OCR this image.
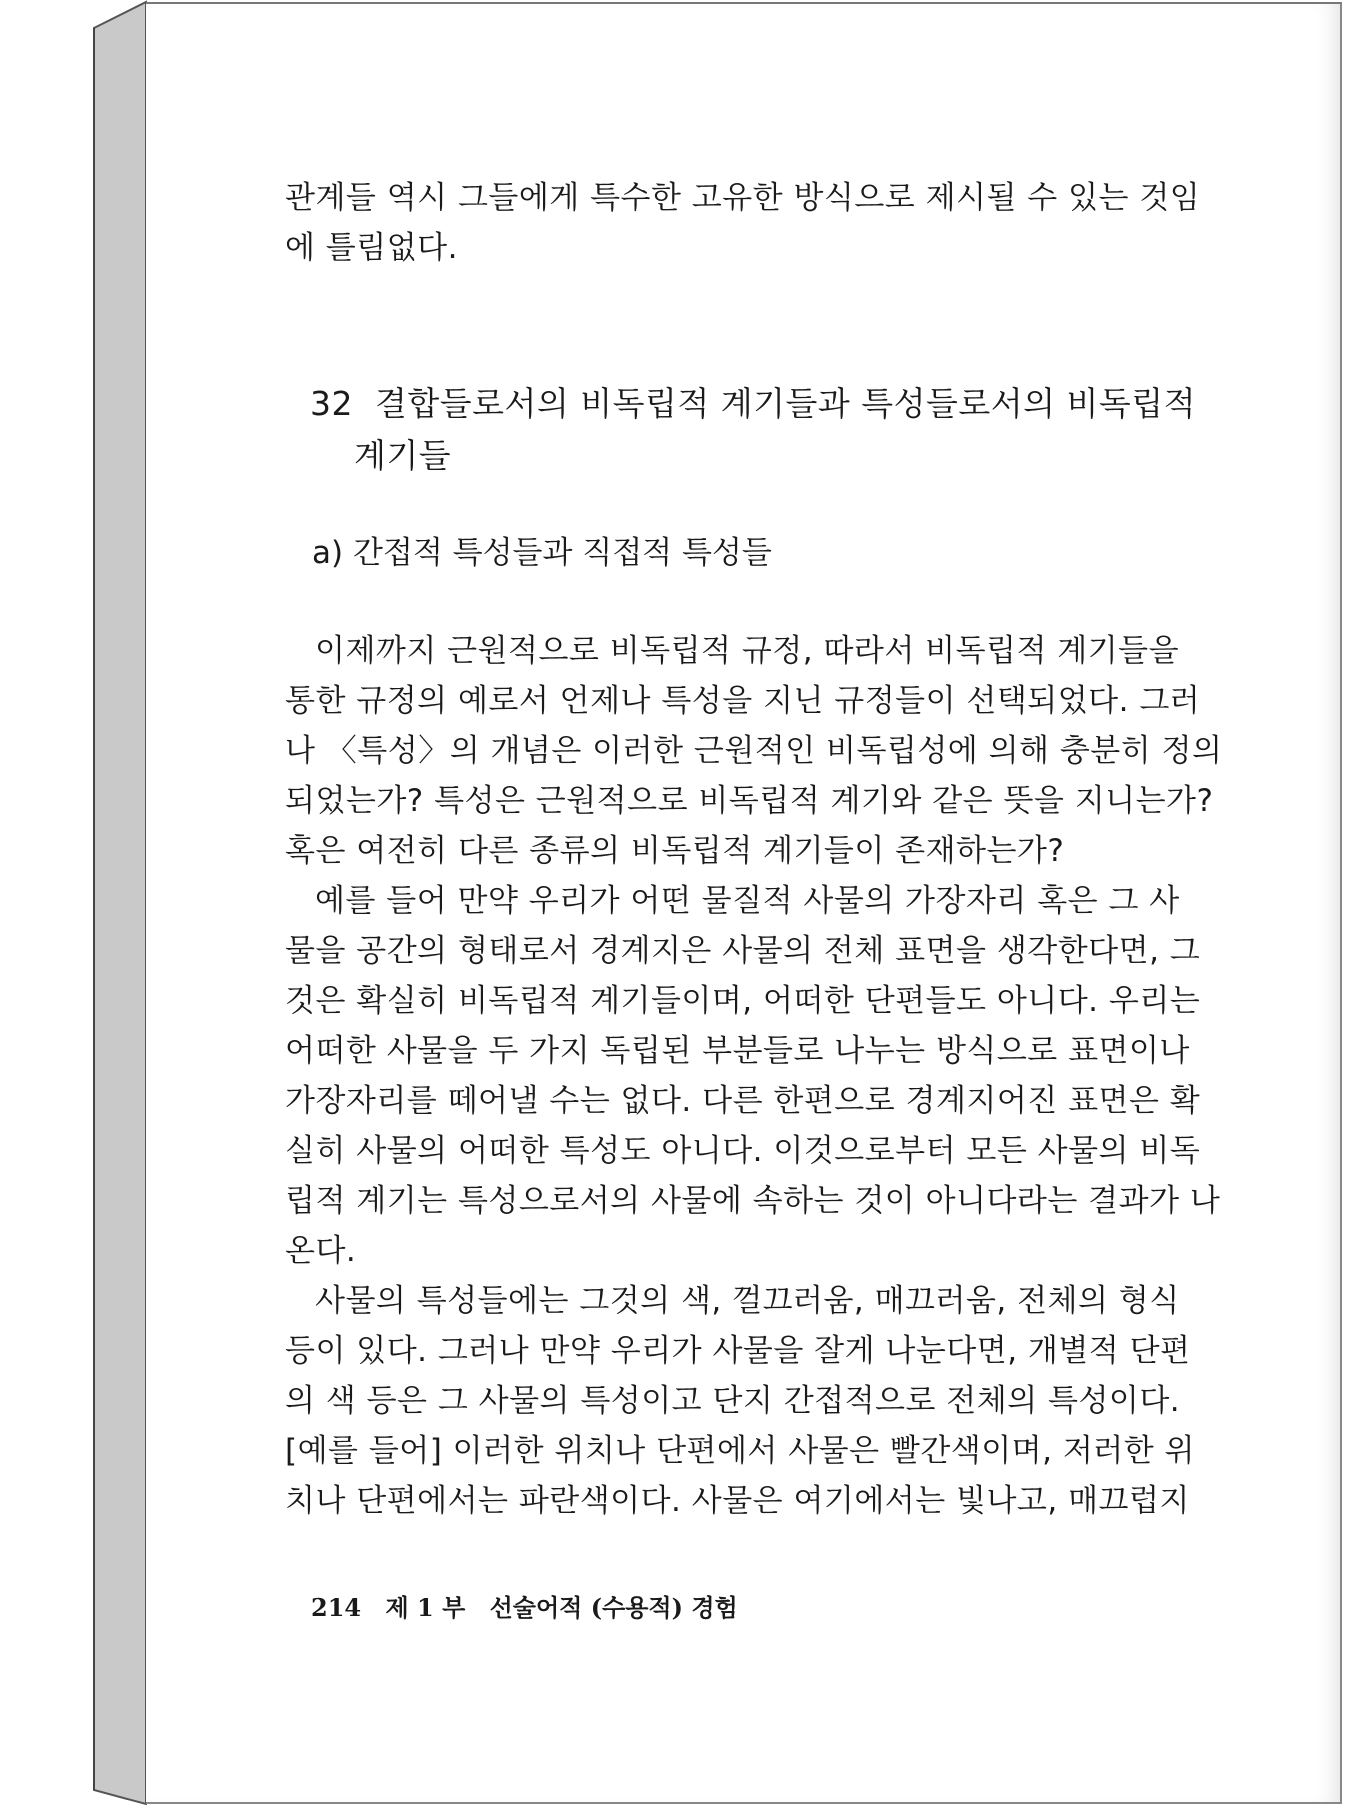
관계들 역시 그들에게 특수한 고유한 방식으로 제시될 수 있는 것임
에 틀림없다.
32 결합들로서의 비독립적 계기들과 특성들로서의 비독립적
계기들
a) 간접적 특성들과 직접적 특성들
이제까지 근원적으로 비독립적 규정, 따라서 비독립적 계기들을
통한 규정의 예로서 언제나 특성을 지닌 규정들이 선택되었다. 그러
나 〈특성〉의 개념은 이러한 근원적인 비독립성에 의해 충분히 정의
되었는가? 특성은 근원적으로 비독립적 계기와 같은 뜻을 지니는가?
혹은 여전히 다른 종류의 비독립적 계기들이 존재하는가?
예를 들어 만약 우리가 어떤 물질적 사물의 가장자리 혹은 그 사
물을 공간의 형태로서 경계지은 사물의 전체 표면을 생각한다면, 그
것은 확실히 비독립적 계기들이며, 어떠한 단편들도 아니다. 우리는
어떠한 사물을 두 가지 독립된 부분들로 나누는 방식으로 표면이나
가장자리를 떼어낼 수는 없다. 다른 한편으로 경계지어진 표면은 확
실히 사물의 어떠한 특성도 아니다. 이것으로부터 모든 사물의 비독
립적 계기는 특성으로서의 사물에 속하는 것이 아니다라는 결과가 나
온다.
사물의 특성들에는 그것의 색, 껄끄러움, 매끄러움, 전체의 형식
등이 있다. 그러나 만약 우리가 사물을 잘게 나눈다면, 개별적 단편
의 색 등은 그 사물의 특성이고 단지 간접적으로 전체의 특성이다.
[예를 들어] 이러한 위치나 단편에서 사물은 빨간색이며, 저러한 위
치나 단편에서는 파란색이다. 사물은 여기에서는 빛나고, 매끄럽지
214 제 1 부 선술어적 (수용적) 경험
